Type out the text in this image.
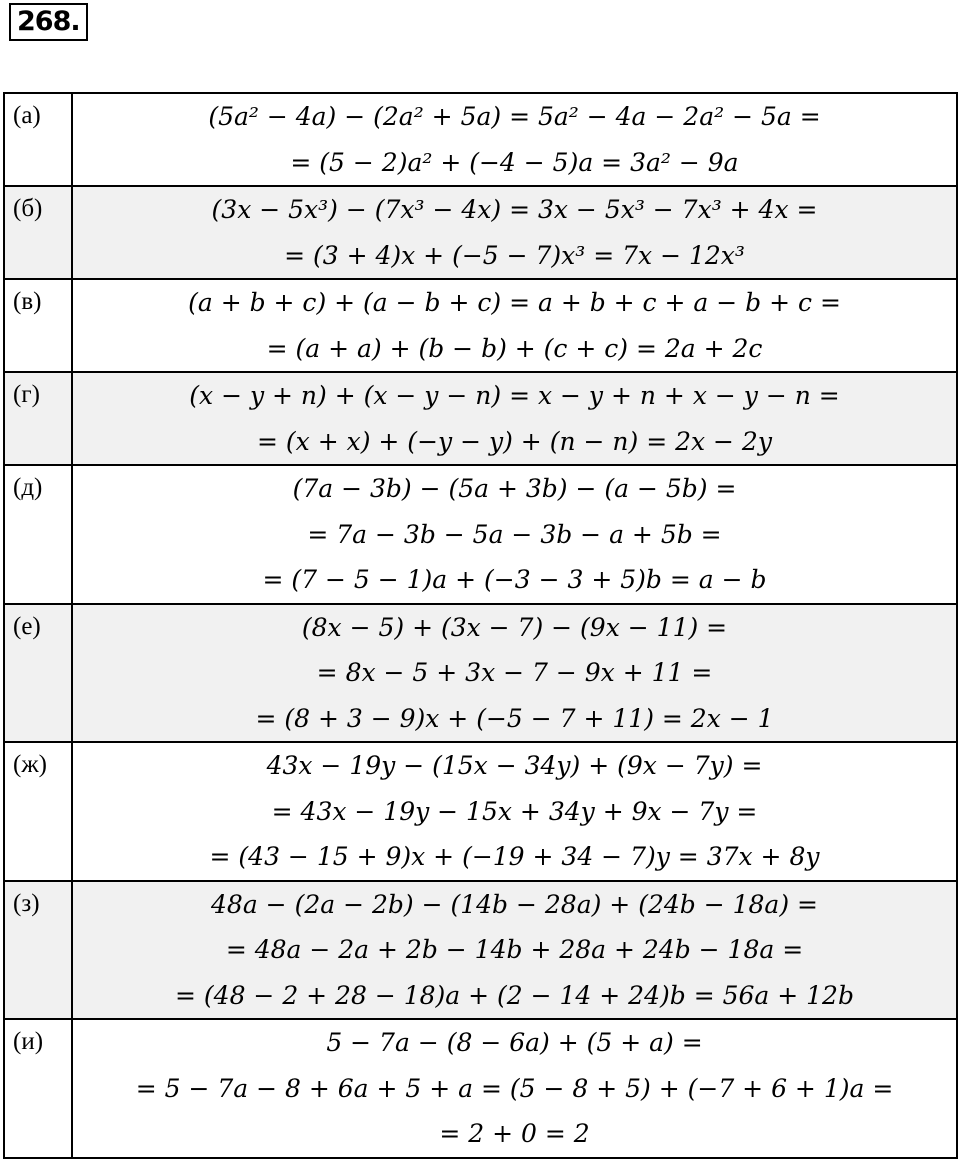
268.
(а)	(5a² − 4a) − (2a² + 5a) = 5a² − 4a − 2a² − 5a =
= (5 − 2)a² + (−4 − 5)a = 3a² − 9a

(б)	(3x − 5x³) − (7x³ − 4x) = 3x − 5x³ − 7x³ + 4x =
= (3 + 4)x + (−5 − 7)x³ = 7x − 12x³

(в)	(a + b + c) + (a − b + c) = a + b + c + a − b + c =
= (a + a) + (b − b) + (c + c) = 2a + 2c

(г)	(x − y + n) + (x − y − n) = x − y + n + x − y − n =
= (x + x) + (−y − y) + (n − n) = 2x − 2y

(д)	(7a − 3b) − (5a + 3b) − (a − 5b) =
= 7a − 3b − 5a − 3b − a + 5b =
= (7 − 5 − 1)a + (−3 − 3 + 5)b = a − b

(е)	(8x − 5) + (3x − 7) − (9x − 11) =
= 8x − 5 + 3x − 7 − 9x + 11 =
= (8 + 3 − 9)x + (−5 − 7 + 11) = 2x − 1

(ж)	43x − 19y − (15x − 34y) + (9x − 7y) =
= 43x − 19y − 15x + 34y + 9x − 7y =
= (43 − 15 + 9)x + (−19 + 34 − 7)y = 37x + 8y

(з)	48a − (2a − 2b) − (14b − 28a) + (24b − 18a) =
= 48a − 2a + 2b − 14b + 28a + 24b − 18a =
= (48 − 2 + 28 − 18)a + (2 − 14 + 24)b = 56a + 12b

(и)	5 − 7a − (8 − 6a) + (5 + a) =
= 5 − 7a − 8 + 6a + 5 + a = (5 − 8 + 5) + (−7 + 6 + 1)a =
= 2 + 0 = 2
